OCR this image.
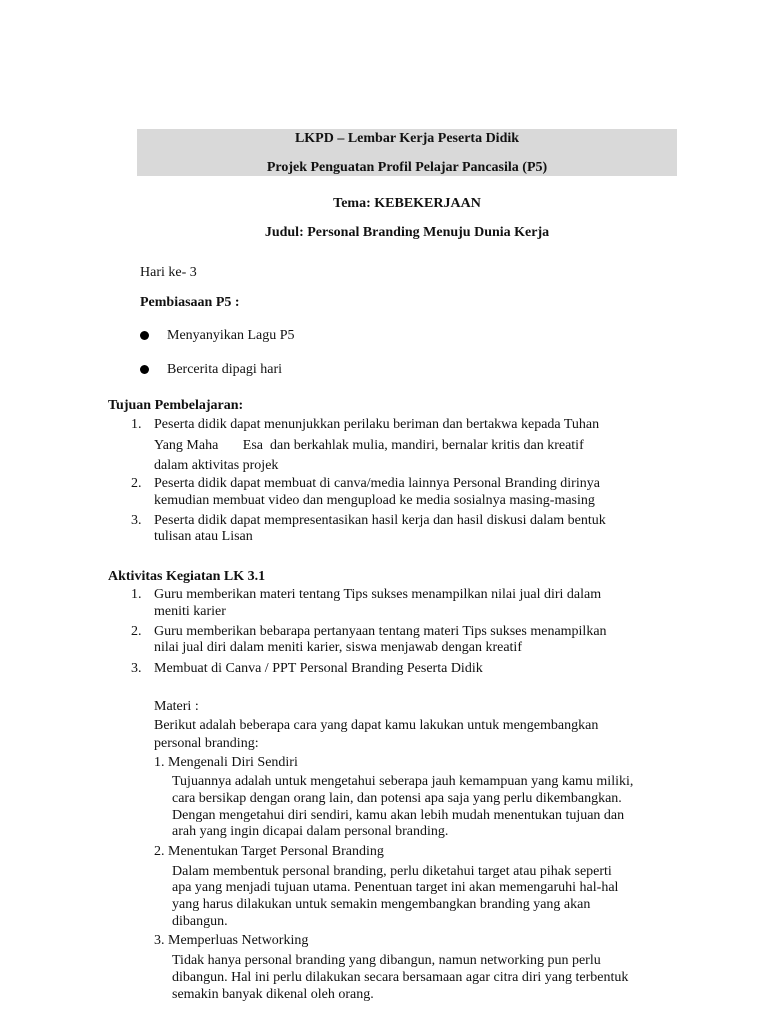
LKPD – Lembar Kerja Peserta Didik
Projek Penguatan Profil Pelajar Pancasila (P5)
Tema: KEBEKERJAAN
Judul: Personal Branding Menuju Dunia Kerja
Hari ke- 3
Pembiasaan P5 :
Menyanyikan Lagu P5
Bercerita dipagi hari
Tujuan Pembelajaran:
1. Peserta didik dapat menunjukkan perilaku beriman dan bertakwa kepada Tuhan
Yang Maha       Esa  dan berkahlak mulia, mandiri, bernalar kritis dan kreatif
dalam aktivitas projek
2. Peserta didik dapat membuat di canva/media lainnya Personal Branding dirinya
kemudian membuat video dan mengupload ke media sosialnya masing-masing
3. Peserta didik dapat mempresentasikan hasil kerja dan hasil diskusi dalam bentuk
tulisan atau Lisan
Aktivitas Kegiatan LK 3.1
1. Guru memberikan materi tentang Tips sukses menampilkan nilai jual diri dalam
meniti karier
2. Guru memberikan bebarapa pertanyaan tentang materi Tips sukses menampilkan
nilai jual diri dalam meniti karier, siswa menjawab dengan kreatif
3. Membuat di Canva / PPT Personal Branding Peserta Didik
Materi :
Berikut adalah beberapa cara yang dapat kamu lakukan untuk mengembangkan
personal branding:
1. Mengenali Diri Sendiri
Tujuannya adalah untuk mengetahui seberapa jauh kemampuan yang kamu miliki,
cara bersikap dengan orang lain, dan potensi apa saja yang perlu dikembangkan.
Dengan mengetahui diri sendiri, kamu akan lebih mudah menentukan tujuan dan
arah yang ingin dicapai dalam personal branding.
2. Menentukan Target Personal Branding
Dalam membentuk personal branding, perlu diketahui target atau pihak seperti
apa yang menjadi tujuan utama. Penentuan target ini akan memengaruhi hal-hal
yang harus dilakukan untuk semakin mengembangkan branding yang akan
dibangun.
3. Memperluas Networking
Tidak hanya personal branding yang dibangun, namun networking pun perlu
dibangun. Hal ini perlu dilakukan secara bersamaan agar citra diri yang terbentuk
semakin banyak dikenal oleh orang.
